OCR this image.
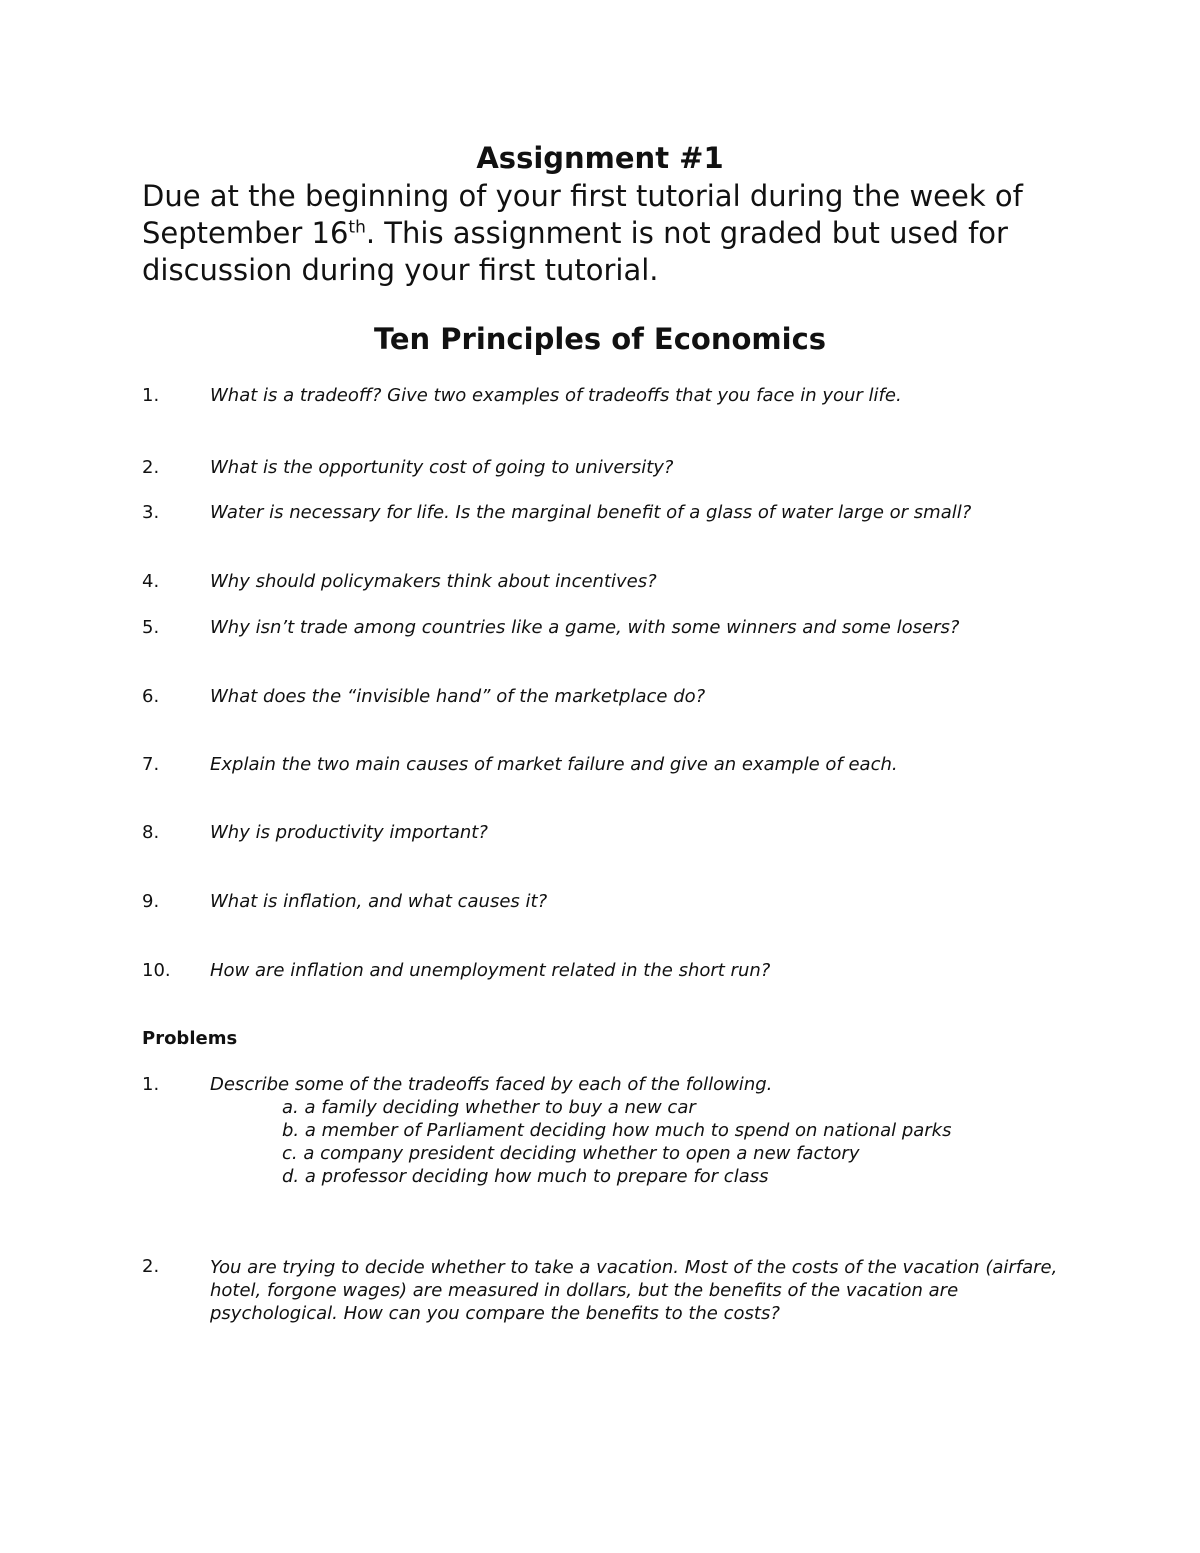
Assignment #1
Due at the beginning of your first tutorial during the week of September 16th. This assignment is not graded but used for discussion during your first tutorial.
Ten Principles of Economics
1.	What is a tradeoff? Give two examples of tradeoffs that you face in your life.
2.	What is the opportunity cost of going to university?
3.	Water is necessary for life. Is the marginal benefit of a glass of water large or small?
4.	Why should policymakers think about incentives?
5.	Why isn’t trade among countries like a game, with some winners and some losers?
6.	What does the “invisible hand” of the marketplace do?
7.	Explain the two main causes of market failure and give an example of each.
8.	Why is productivity important?
9.	What is inflation, and what causes it?
10. How are inflation and unemployment related in the short run?
Problems
1.	Describe some of the tradeoffs faced by each of the following.
a. a family deciding whether to buy a new car
b. a member of Parliament deciding how much to spend on national parks
c. a company president deciding whether to open a new factory
d. a professor deciding how much to prepare for class
2.	You are trying to decide whether to take a vacation. Most of the costs of the vacation (airfare, hotel, forgone wages) are measured in dollars, but the benefits of the vacation are psychological. How can you compare the benefits to the costs?
